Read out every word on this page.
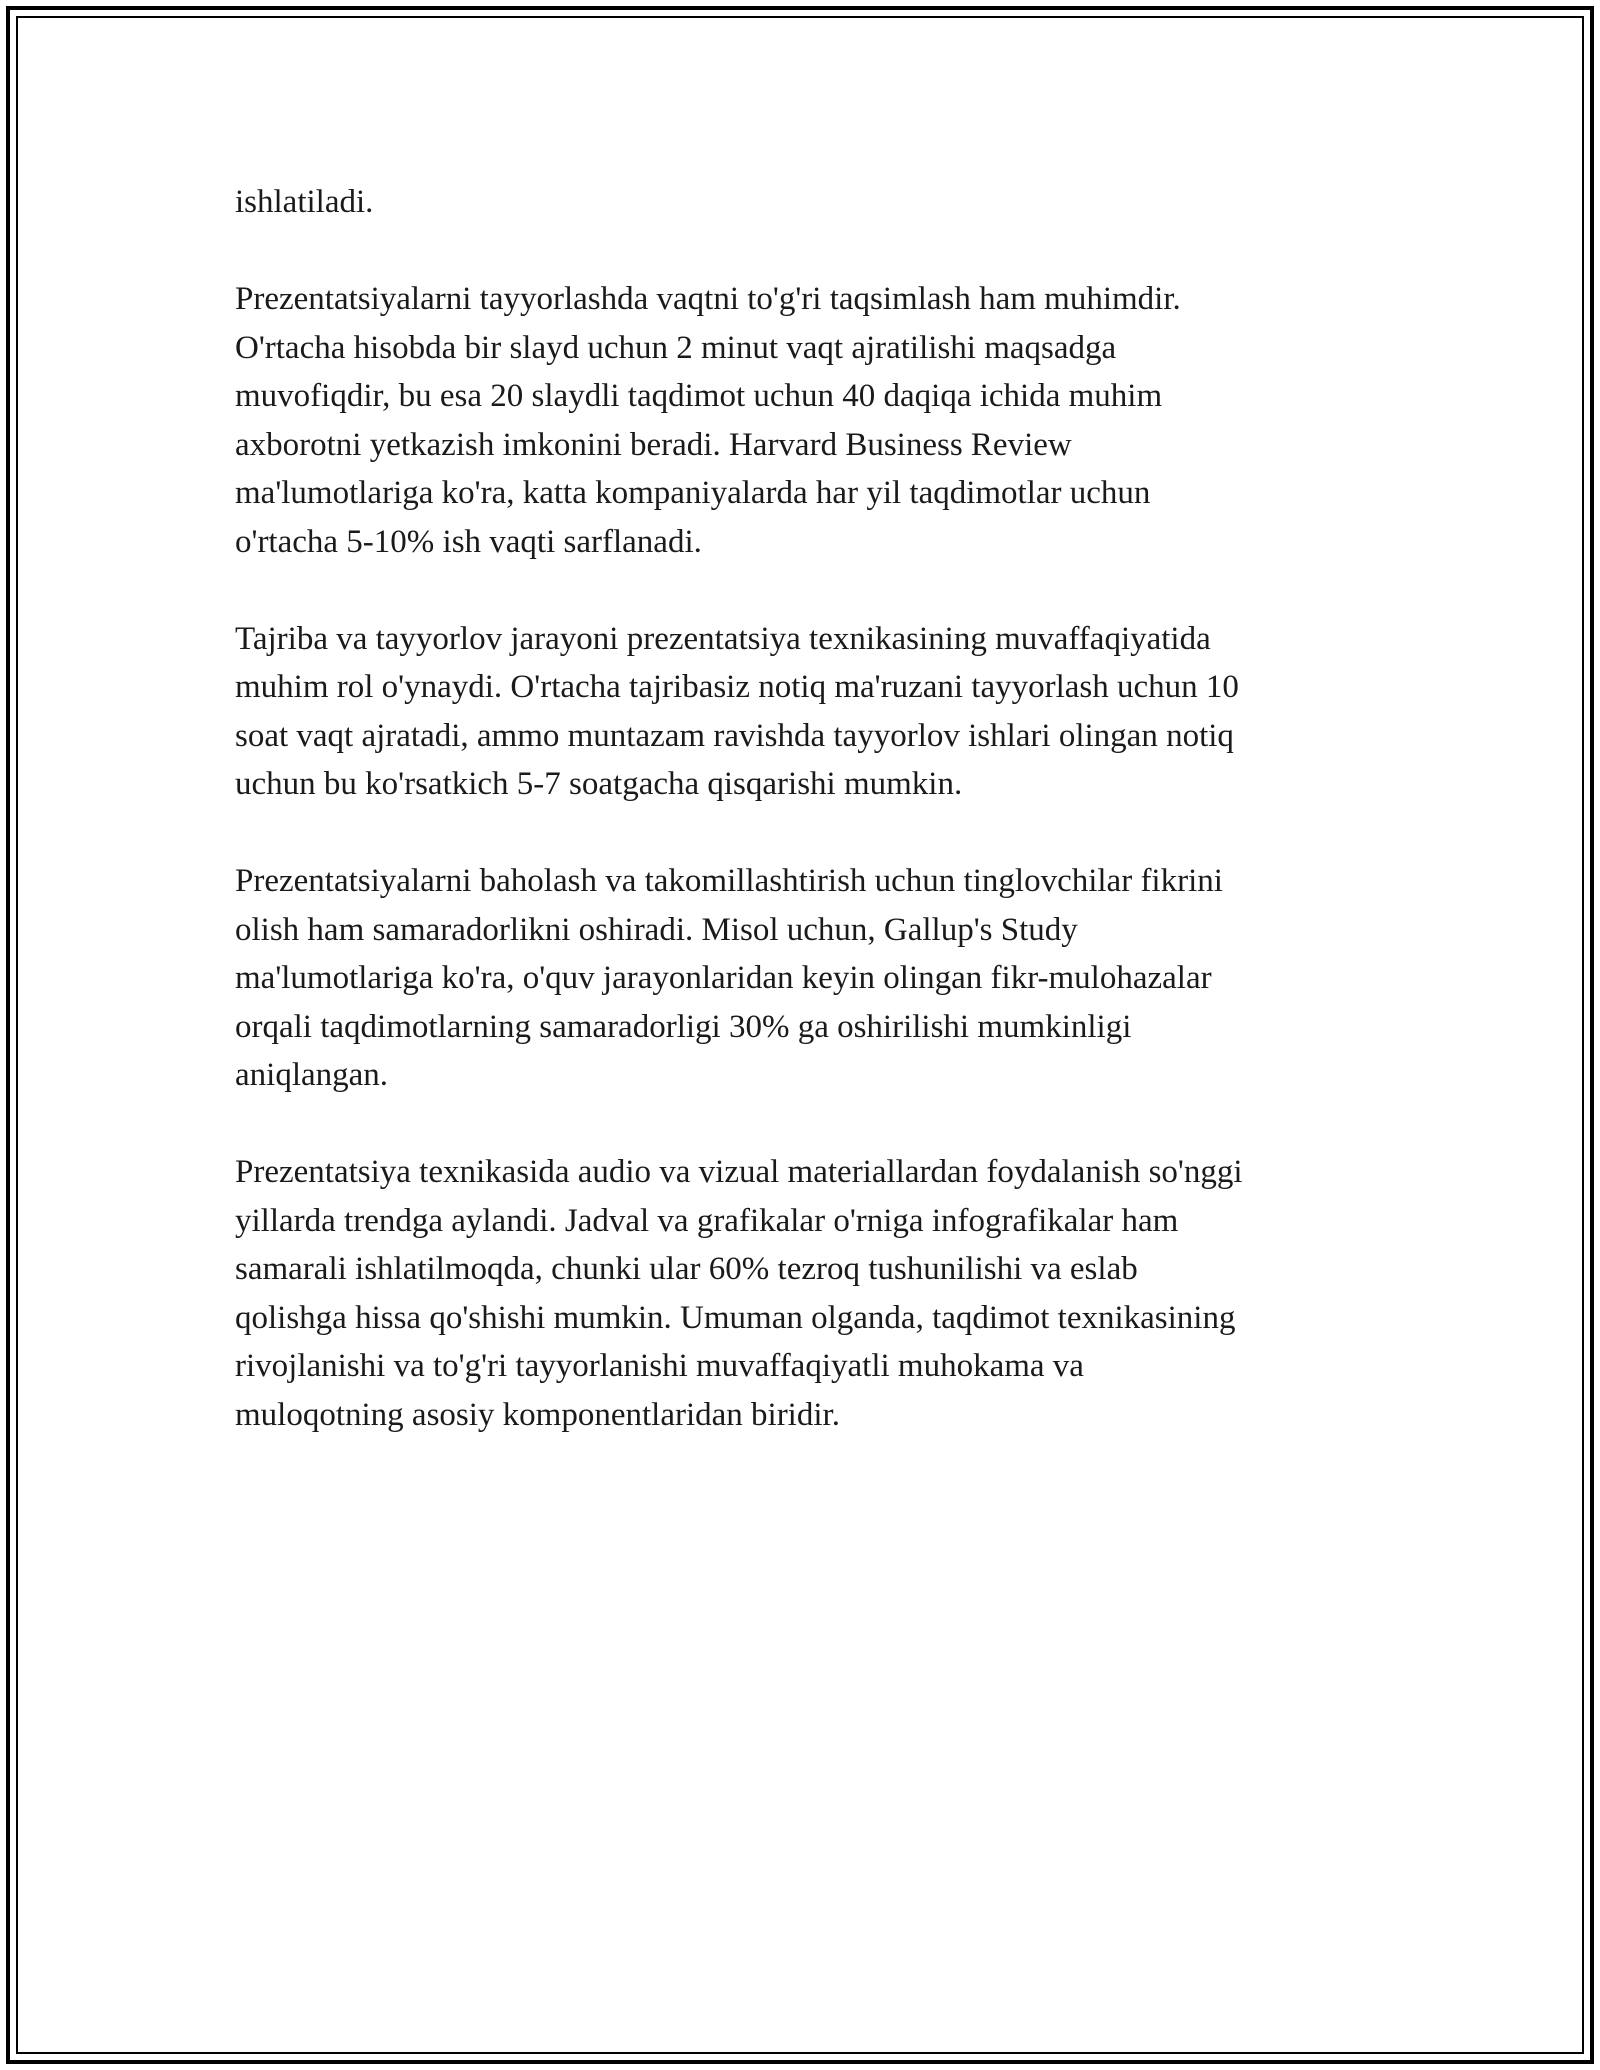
ishlatiladi.

Prezentatsiyalarni tayyorlashda vaqtni to'g'ri taqsimlash ham muhimdir.
O'rtacha hisobda bir slayd uchun 2 minut vaqt ajratilishi maqsadga
muvofiqdir, bu esa 20 slaydli taqdimot uchun 40 daqiqa ichida muhim
axborotni yetkazish imkonini beradi. Harvard Business Review
ma'lumotlariga ko'ra, katta kompaniyalarda har yil taqdimotlar uchun
o'rtacha 5-10% ish vaqti sarflanadi.

Tajriba va tayyorlov jarayoni prezentatsiya texnikasining muvaffaqiyatida
muhim rol o'ynaydi. O'rtacha tajribasiz notiq ma'ruzani tayyorlash uchun 10
soat vaqt ajratadi, ammo muntazam ravishda tayyorlov ishlari olingan notiq
uchun bu ko'rsatkich 5-7 soatgacha qisqarishi mumkin.

Prezentatsiyalarni baholash va takomillashtirish uchun tinglovchilar fikrini
olish ham samaradorlikni oshiradi. Misol uchun, Gallup's Study
ma'lumotlariga ko'ra, o'quv jarayonlaridan keyin olingan fikr-mulohazalar
orqali taqdimotlarning samaradorligi 30% ga oshirilishi mumkinligi
aniqlangan.

Prezentatsiya texnikasida audio va vizual materiallardan foydalanish so'nggi
yillarda trendga aylandi. Jadval va grafikalar o'rniga infografikalar ham
samarali ishlatilmoqda, chunki ular 60% tezroq tushunilishi va eslab
qolishga hissa qo'shishi mumkin. Umuman olganda, taqdimot texnikasining
rivojlanishi va to'g'ri tayyorlanishi muvaffaqiyatli muhokama va
muloqotning asosiy komponentlaridan biridir.
